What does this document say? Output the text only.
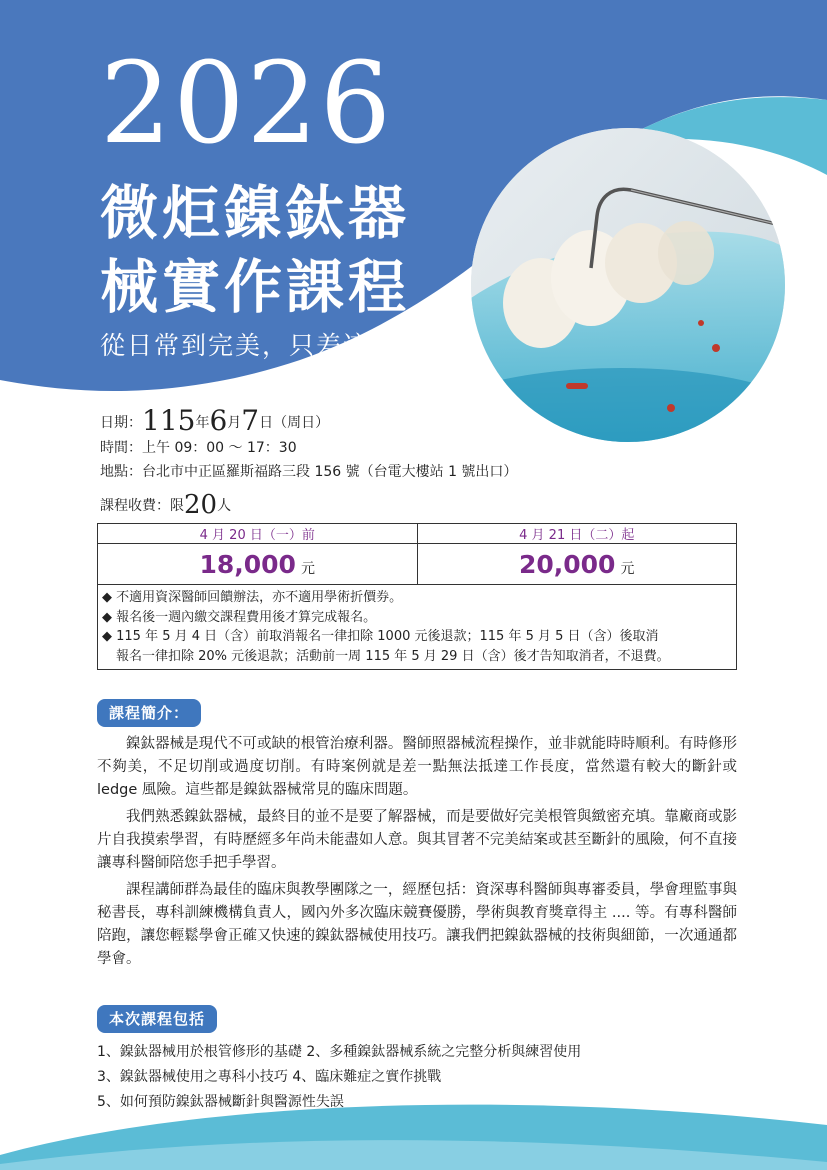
2026
微炬鎳鈦器
械實作課程
從日常到完美，只差這一步
日期：115年6月7日（周日）
時間：上午 09：00 ～ 17：30
地點：台北市中正區羅斯福路三段 156 號（台電大樓站 1 號出口）
課程收費：限20人
4 月 20 日（一）前	4 月 21 日（二）起
18,000 元	20,000 元

◆ 不適用資深醫師回饋辦法，亦不適用學術折價券。
◆ 報名後一週內繳交課程費用後才算完成報名。
◆ 115 年 5 月 4 日（含）前取消報名一律扣除 1000 元後退款；115 年 5 月 5 日（含）後取消
報名一律扣除 20% 元後退款；活動前一周 115 年 5 月 29 日（含）後才告知取消者，不退費。	
課程簡介：

鎳鈦器械是現代不可或缺的根管治療利器。醫師照器械流程操作，並非就能時時順利。有時修形不夠美，不足切削或過度切削。有時案例就是差一點無法抵達工作長度，當然還有較大的斷針或 ledge 風險。這些都是鎳鈦器械常見的臨床問題。

我們熟悉鎳鈦器械，最終目的並不是要了解器械，而是要做好完美根管與緻密充填。靠廠商或影片自我摸索學習，有時歷經多年尚未能盡如人意。與其冒著不完美結案或甚至斷針的風險，何不直接讓專科醫師陪您手把手學習。

課程講師群為最佳的臨床與教學團隊之一，經歷包括：資深專科醫師與專審委員，學會理監事與秘書長，專科訓練機構負責人，國內外多次臨床競賽優勝，學術與教育獎章得主 .... 等。有專科醫師陪跑，讓您輕鬆學會正確又快速的鎳鈦器械使用技巧。讓我們把鎳鈦器械的技術與細節，一次通通都學會。

本次課程包括
1、鎳鈦器械用於根管修形的基礎 2、多種鎳鈦器械系統之完整分析與練習使用
3、鎳鈦器械使用之專科小技巧 4、臨床難症之實作挑戰
5、如何預防鎳鈦器械斷針與醫源性失誤
